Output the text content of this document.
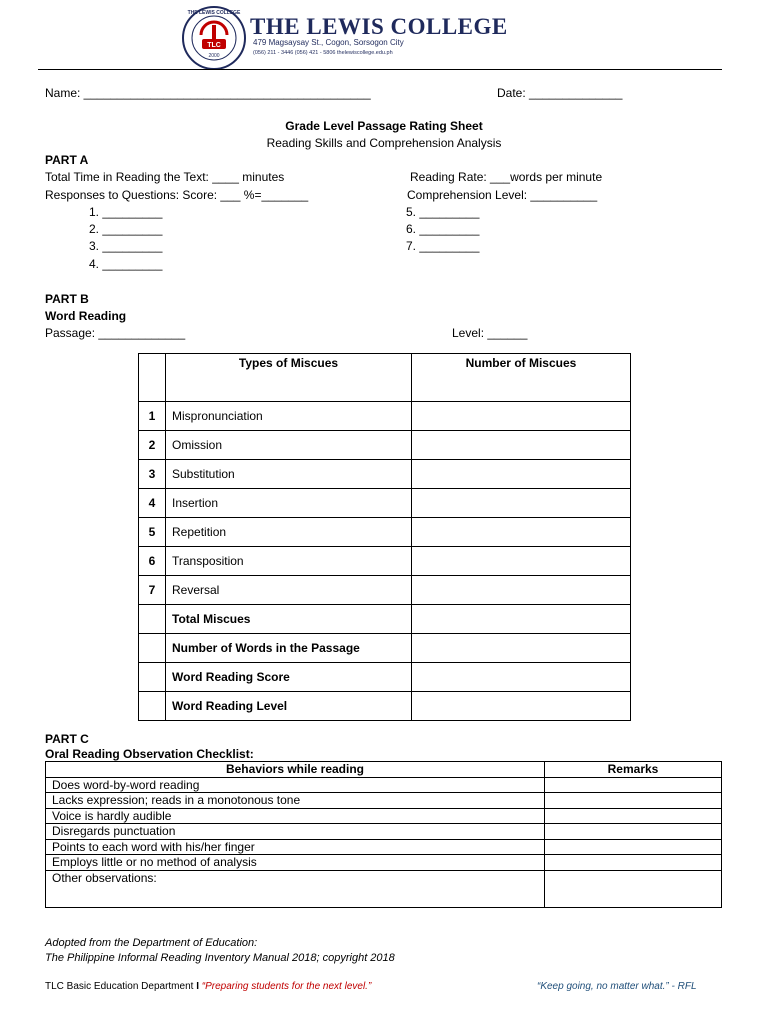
TLC
2000
THE LEWIS COLLEGE
THE LEWIS COLLEGE
479 Magsaysay St., Cogon, Sorsogon City
(056) 211 - 3446 (056) 421 - 5806 thelewiscollege.edu.ph
Name: ___________________________________________	Date: ______________
Grade Level Passage Rating Sheet
Reading Skills and Comprehension Analysis
PART A
Total Time in Reading the Text: ____ minutes	Reading Rate: ___words per minute
Responses to Questions: Score: ___ %=_______	Comprehension Level: __________
1. _________
2. _________
3. _________
4. _________
5. _________
6. _________
7. _________
PART B
Word Reading
Passage: _____________	Level: ______
	Types of Miscues	Number of Miscues
1	Mispronunciation	
2	Omission	
3	Substitution	
4	Insertion	
5	Repetition	
6	Transposition	
7	Reversal	
	Total Miscues	
	Number of Words in the Passage	
	Word Reading Score	
	Word Reading Level	
PART C
Oral Reading Observation Checklist:
Behaviors while reading	Remarks
Does word-by-word reading	
Lacks expression; reads in a monotonous tone	
Voice is hardly audible	
Disregards punctuation	
Points to each word with his/her finger	
Employs little or no method of analysis	
Other observations:	
Adopted from the Department of Education:
The Philippine Informal Reading Inventory Manual 2018; copyright 2018
TLC Basic Education Department I “Preparing students for the next level.”	“Keep going, no matter what.” - RFL
